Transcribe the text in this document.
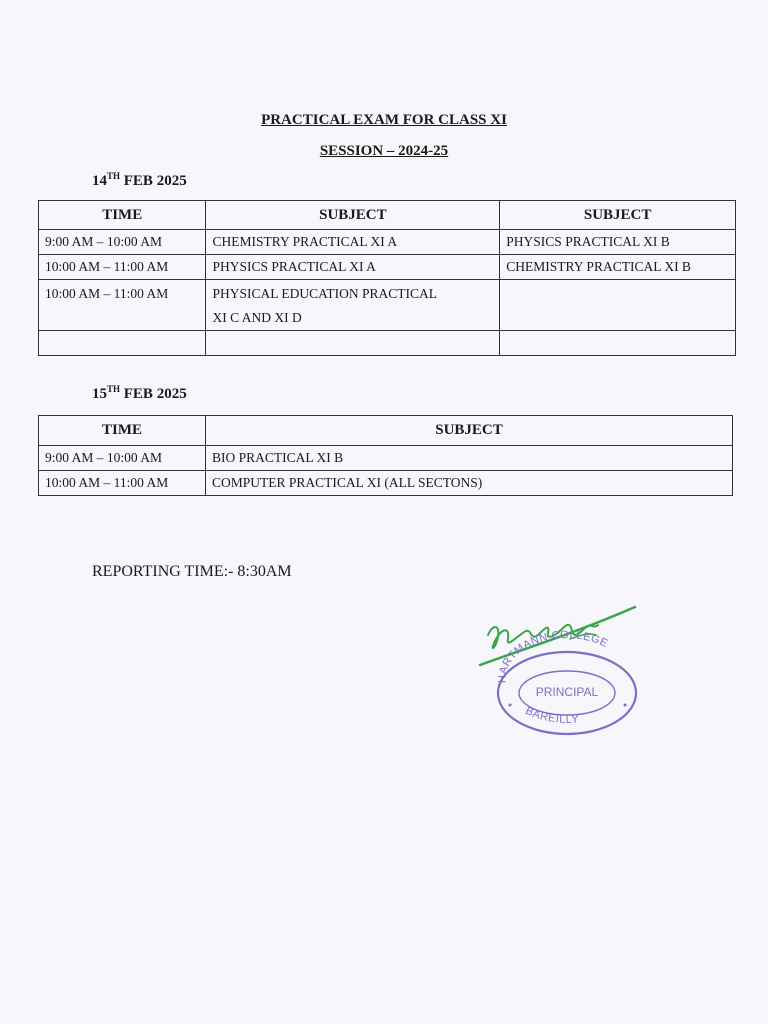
PRACTICAL EXAM FOR CLASS XI
SESSION – 2024-25
14TH FEB 2025
TIME	SUBJECT	SUBJECT
9:00 AM – 10:00 AM	CHEMISTRY PRACTICAL XI A	PHYSICS PRACTICAL XI B
10:00 AM – 11:00 AM	PHYSICS PRACTICAL XI A	CHEMISTRY PRACTICAL XI B
10:00 AM – 11:00 AM	PHYSICAL EDUCATION PRACTICAL
XI C AND XI D	

15TH FEB 2025
TIME	SUBJECT
9:00 AM – 10:00 AM	BIO PRACTICAL XI B
10:00 AM – 11:00 AM	COMPUTER PRACTICAL XI (ALL SECTONS)
REPORTING TIME:- 8:30AM
HARTMANN COLLEGE
PRINCIPAL
BAREILLY
